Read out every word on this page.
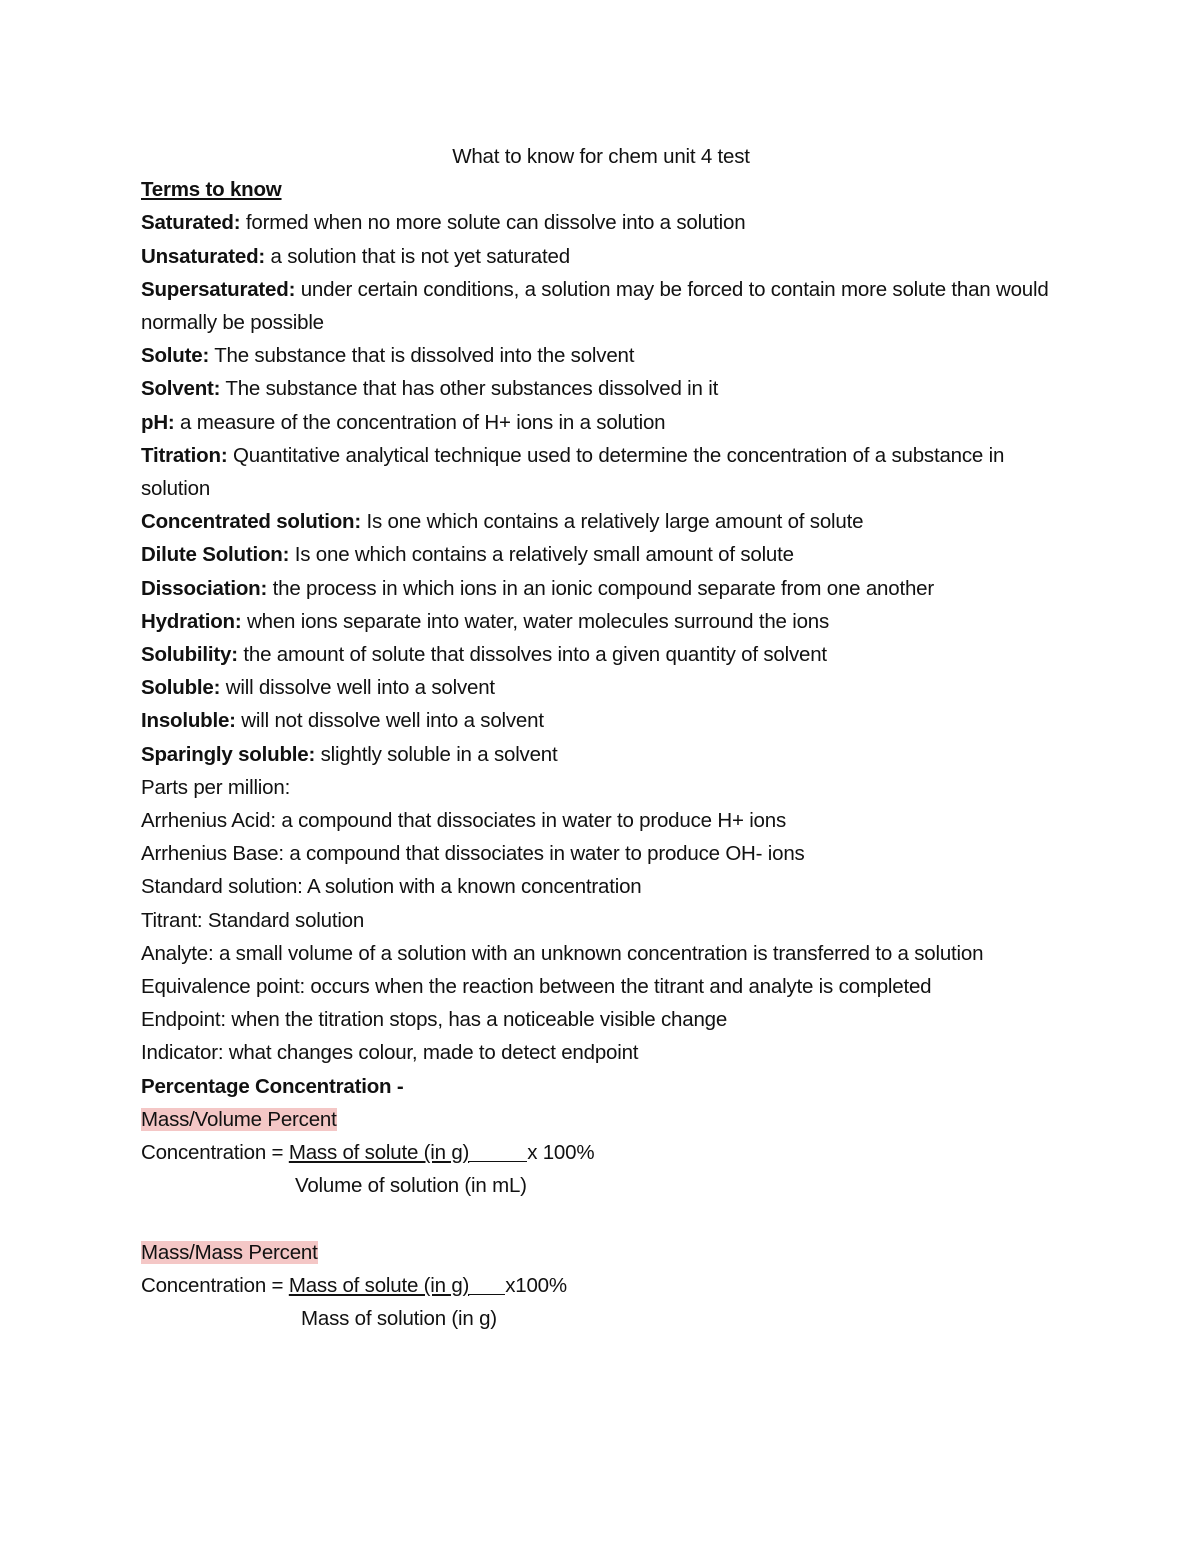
What to know for chem unit 4 test
Terms to know
Saturated: formed when no more solute can dissolve into a solution
Unsaturated: a solution that is not yet saturated
Supersaturated: under certain conditions, a solution may be forced to contain more solute than would normally be possible
Solute: The substance that is dissolved into the solvent
Solvent: The substance that has other substances dissolved in it
pH: a measure of the concentration of H+ ions in a solution
Titration: Quantitative analytical technique used to determine the concentration of a substance in solution
Concentrated solution: Is one which contains a relatively large amount of solute
Dilute Solution: Is one which contains a relatively small amount of solute
Dissociation: the process in which ions in an ionic compound separate from one another
Hydration: when ions separate into water, water molecules surround the ions
Solubility: the amount of solute that dissolves into a given quantity of solvent
Soluble: will dissolve well into a solvent
Insoluble: will not dissolve well into a solvent
Sparingly soluble: slightly soluble in a solvent
Parts per million:
Arrhenius Acid: a compound that dissociates in water to produce H+ ions
Arrhenius Base: a compound that dissociates in water to produce OH- ions
Standard solution: A solution with a known concentration
Titrant: Standard solution
Analyte: a small volume of a solution with an unknown concentration is transferred to a solution
Equivalence point: occurs when the reaction between the titrant and analyte is completed
Endpoint: when the titration stops, has a noticeable visible change
Indicator: what changes colour, made to detect endpoint
Percentage Concentration -
Mass/Volume Percent
Concentration = Mass of solute (in g)	x 100%
Volume of solution (in mL)
Mass/Mass Percent
Concentration = Mass of solute (in g) x100%
Mass of solution (in g)
